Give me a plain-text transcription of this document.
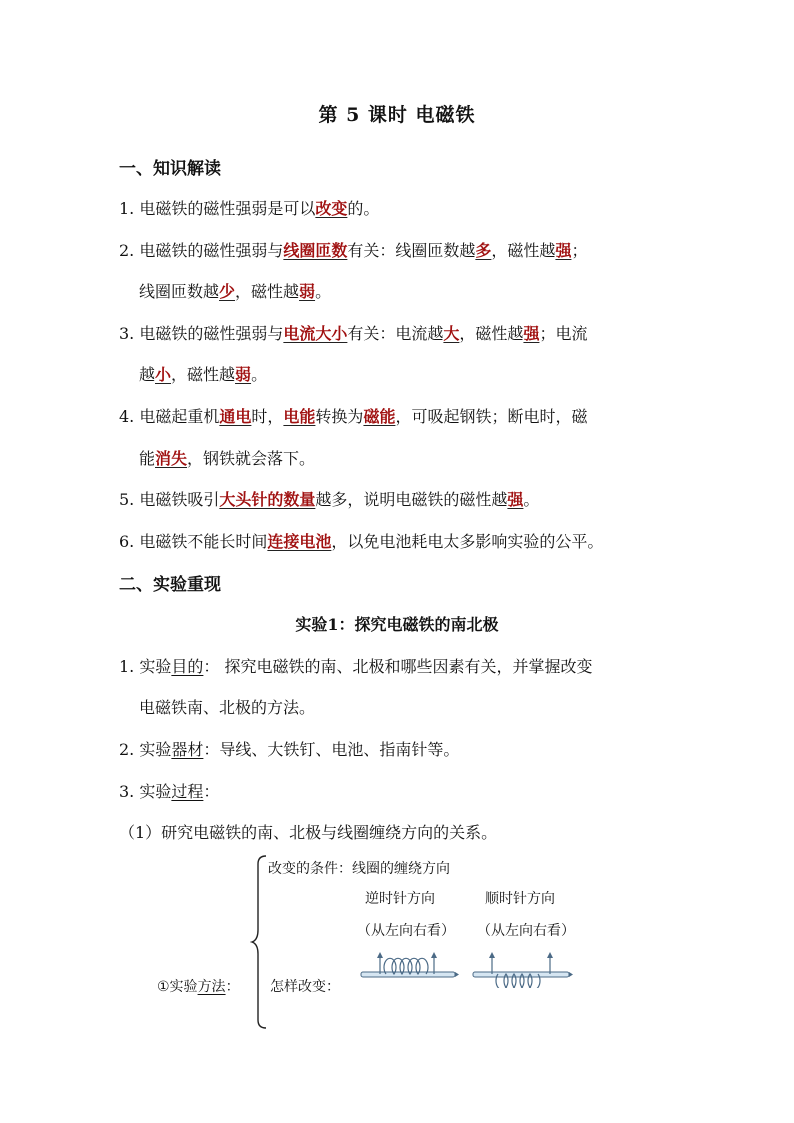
第 5 课时 电磁铁
一、知识解读
1. 电磁铁的磁性强弱是可以改变的。
2. 电磁铁的磁性强弱与线圈匝数有关：线圈匝数越多，磁性越强；
线圈匝数越少，磁性越弱。
3. 电磁铁的磁性强弱与电流大小有关：电流越大，磁性越强；电流
越小，磁性越弱。
4. 电磁起重机通电时，电能转换为磁能，可吸起钢铁；断电时，磁
能消失，钢铁就会落下。
5. 电磁铁吸引大头针的数量越多，说明电磁铁的磁性越强。
6. 电磁铁不能长时间连接电池，以免电池耗电太多影响实验的公平。
二、实验重现
实验1：探究电磁铁的南北极
1. 实验目的： 探究电磁铁的南、北极和哪些因素有关，并掌握改变
电磁铁南、北极的方法。
2. 实验器材：导线、大铁钉、电池、指南针等。
3. 实验过程：
（1）研究电磁铁的南、北极与线圈缠绕方向的关系。
改变的条件：线圈的缠绕方向
逆时针方向	顺时针方向
（从左向右看） （从左向右看）
①实验方法： 怎样改变：
